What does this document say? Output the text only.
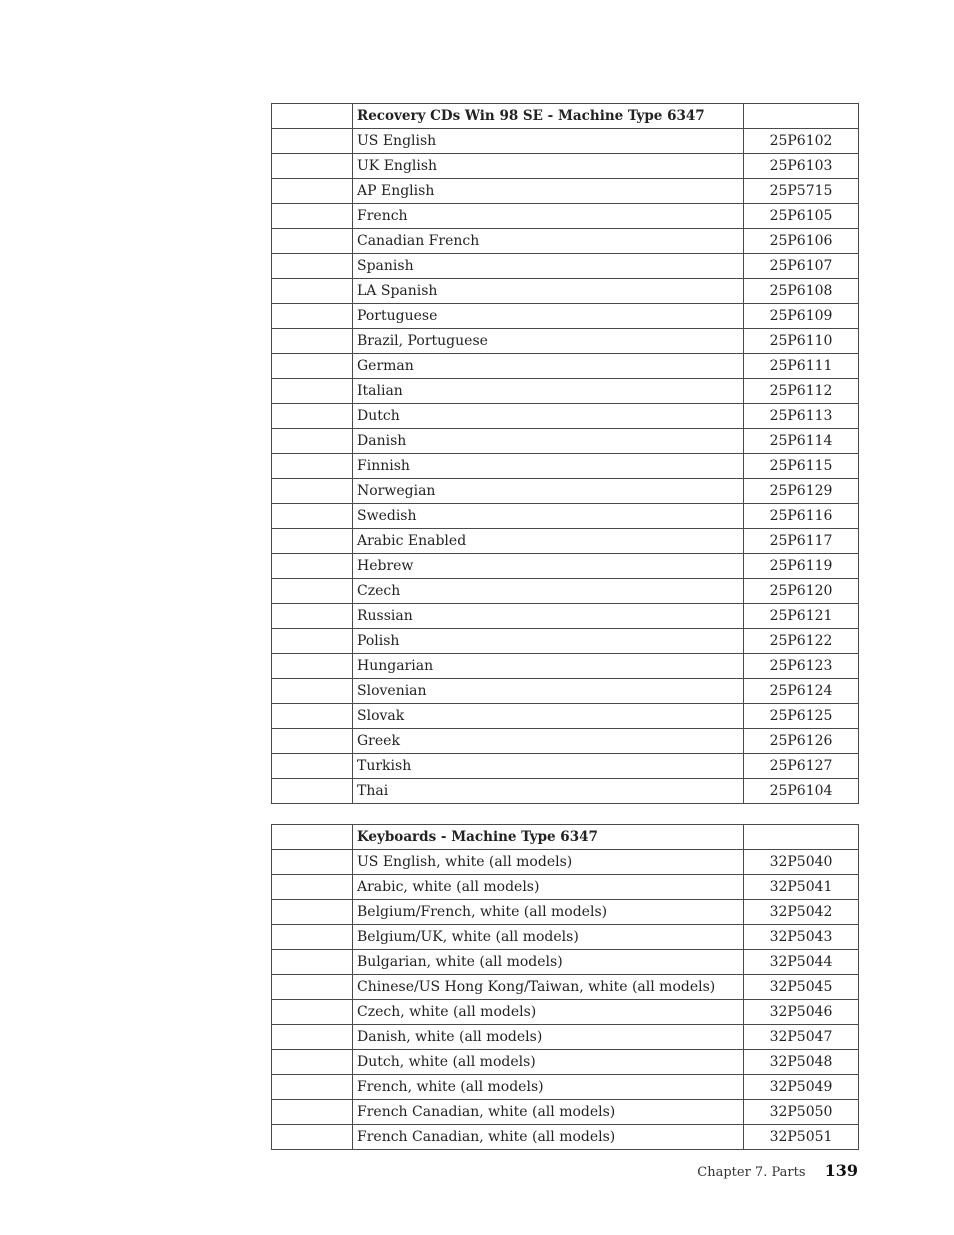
	Recovery CDs Win 98 SE - Machine Type 6347	
	US English	25P6102
	UK English	25P6103
	AP English	25P5715
	French	25P6105
	Canadian French	25P6106
	Spanish	25P6107
	LA Spanish	25P6108
	Portuguese	25P6109
	Brazil, Portuguese	25P6110
	German	25P6111
	Italian	25P6112
	Dutch	25P6113
	Danish	25P6114
	Finnish	25P6115
	Norwegian	25P6129
	Swedish	25P6116
	Arabic Enabled	25P6117
	Hebrew	25P6119
	Czech	25P6120
	Russian	25P6121
	Polish	25P6122
	Hungarian	25P6123
	Slovenian	25P6124
	Slovak	25P6125
	Greek	25P6126
	Turkish	25P6127
	Thai	25P6104
	Keyboards - Machine Type 6347	
	US English, white (all models)	32P5040
	Arabic, white (all models)	32P5041
	Belgium/French, white (all models)	32P5042
	Belgium/UK, white (all models)	32P5043
	Bulgarian, white (all models)	32P5044
	Chinese/US Hong Kong/Taiwan, white (all models)	32P5045
	Czech, white (all models)	32P5046
	Danish, white (all models)	32P5047
	Dutch, white (all models)	32P5048
	French, white (all models)	32P5049
	French Canadian, white (all models)	32P5050
	French Canadian, white (all models)	32P5051
Chapter 7. Parts 139
